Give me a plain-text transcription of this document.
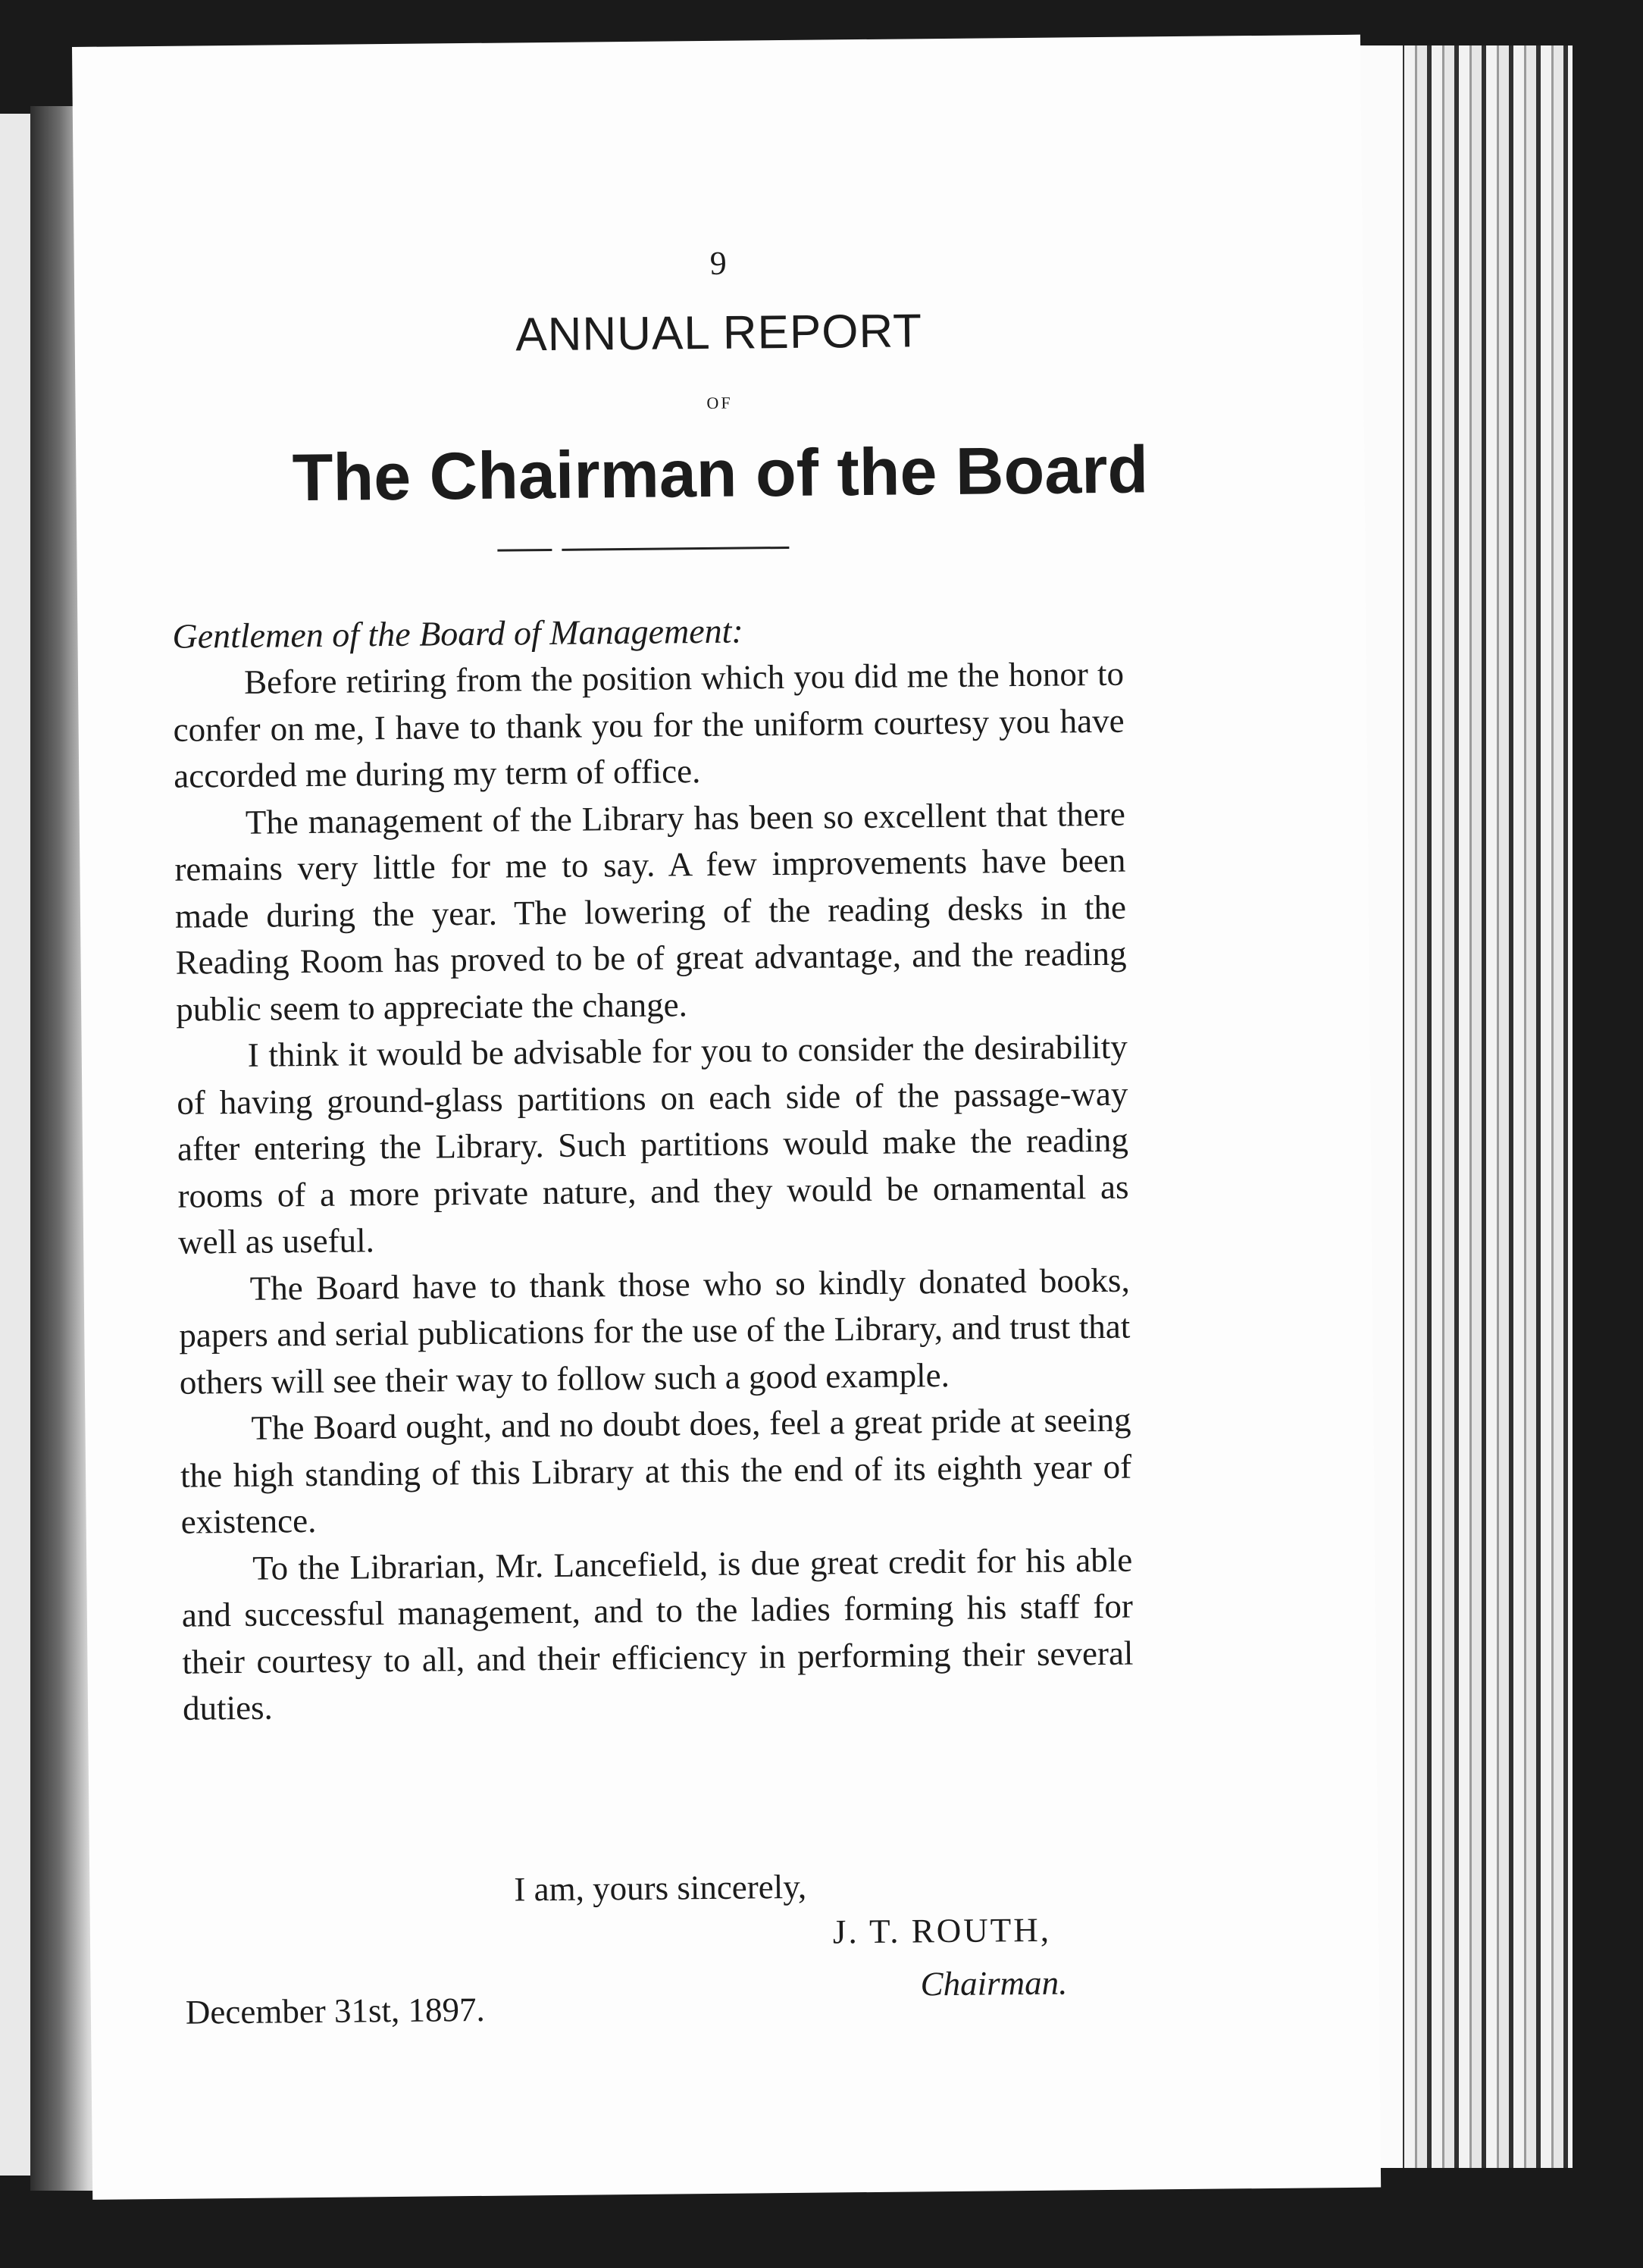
9
ANNUAL REPORT
OF
The Chairman of the Board
Gentlemen of the Board of Management:

Before retiring from the position which you did me the honor to confer on me, I have to thank you for the uniform courtesy you have accorded me during my term of office.

The management of the Library has been so excellent that there remains very little for me to say. A few improvements have been made during the year. The lowering of the reading desks in the Reading Room has proved to be of great advantage, and the reading public seem to appreciate the change.

I think it would be advisable for you to consider the desirability of having ground-glass partitions on each side of the passage-way after entering the Library. Such partitions would make the reading rooms of a more private nature, and they would be ornamental as well as useful.

The Board have to thank those who so kindly donated books, papers and serial publications for the use of the Library, and trust that others will see their way to follow such a good example.

The Board ought, and no doubt does, feel a great pride at seeing the high standing of this Library at this the end of its eighth year of existence.

To the Librarian, Mr. Lancefield, is due great credit for his able and successful management, and to the ladies forming his staff for their courtesy to all, and their efficiency in performing their several duties.

I am, yours sincerely,
J. T. ROUTH,
Chairman.
December 31st, 1897.
